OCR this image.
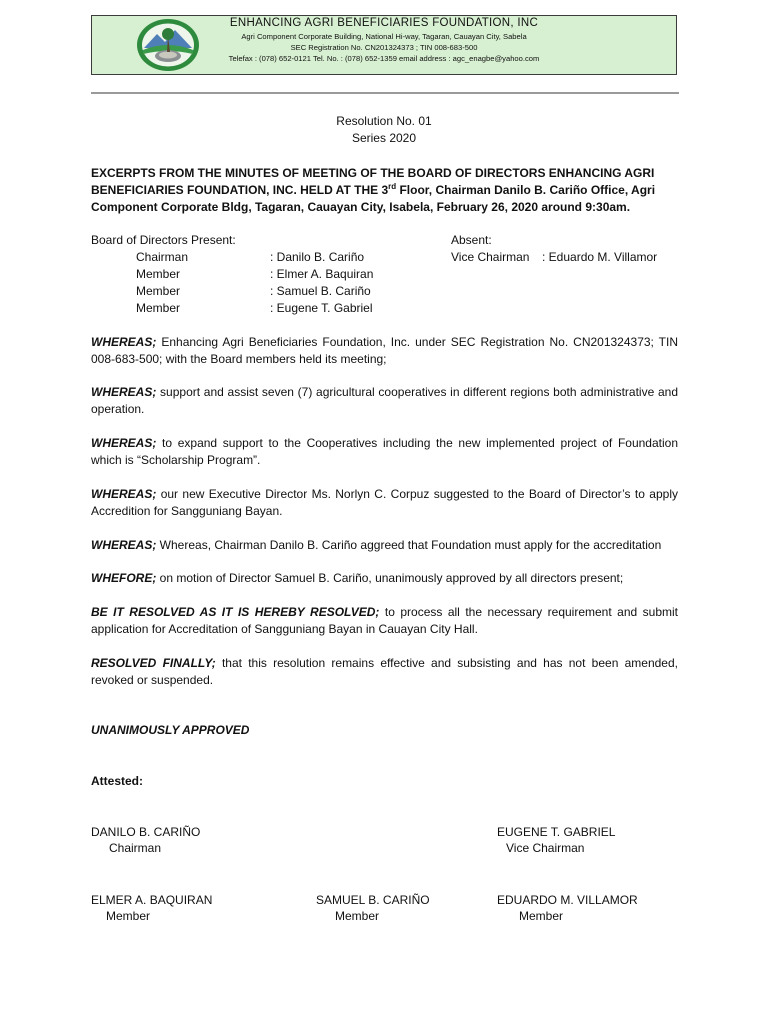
ENHANCING AGRI BENEFICIARIES FOUNDATION, INC
Agri Component Corporate Building, National Hi-way, Tagaran, Cauayan City, Sabela
SEC Registration No. CN201324373 ; TIN 008-683-500
Telefax : (078) 652-0121 Tel. No. : (078) 652-1359 email address : agc_enagbe@yahoo.com
Resolution No. 01
Series 2020
EXCERPTS FROM THE MINUTES OF MEETING OF THE BOARD OF DIRECTORS ENHANCING AGRI BENEFICIARIES FOUNDATION, INC. HELD AT THE 3rd Floor, Chairman Danilo B. Cariño Office, Agri Component Corporate Bldg, Tagaran, Cauayan City, Isabela, February 26, 2020 around 9:30am.
Board of Directors Present:	Absent:
Chairman	: Danilo B. Cariño
Member	: Elmer A. Baquiran
Member	: Samuel B. Cariño
Member	: Eugene T. Gabriel
Vice Chairman : Eduardo M. Villamor
WHEREAS; Enhancing Agri Beneficiaries Foundation, Inc. under SEC Registration No. CN201324373; TIN 008-683-500; with the Board members held its meeting;
WHEREAS; support and assist seven (7) agricultural cooperatives in different regions both administrative and operation.
WHEREAS; to expand support to the Cooperatives including the new implemented project of Foundation which is “Scholarship Program”.
WHEREAS; our new Executive Director Ms. Norlyn C. Corpuz suggested to the Board of Director’s to apply Accredition for Sangguniang Bayan.
WHEREAS; Whereas, Chairman Danilo B. Cariño aggreed that Foundation must apply for the accreditation
WHEFORE; on motion of Director Samuel B. Cariño, unanimously approved by all directors present;
BE IT RESOLVED AS IT IS HEREBY RESOLVED; to process all the necessary requirement and submit application for Accreditation of Sangguniang Bayan in Cauayan City Hall.
RESOLVED FINALLY; that this resolution remains effective and subsisting and has not been amended, revoked or suspended.
UNANIMOUSLY APPROVED
Attested:
DANILO B. CARIÑO
Chairman
EUGENE T. GABRIEL
Vice Chairman
ELMER A. BAQUIRAN
Member
SAMUEL B. CARIÑO
Member
EDUARDO M. VILLAMOR
Member
